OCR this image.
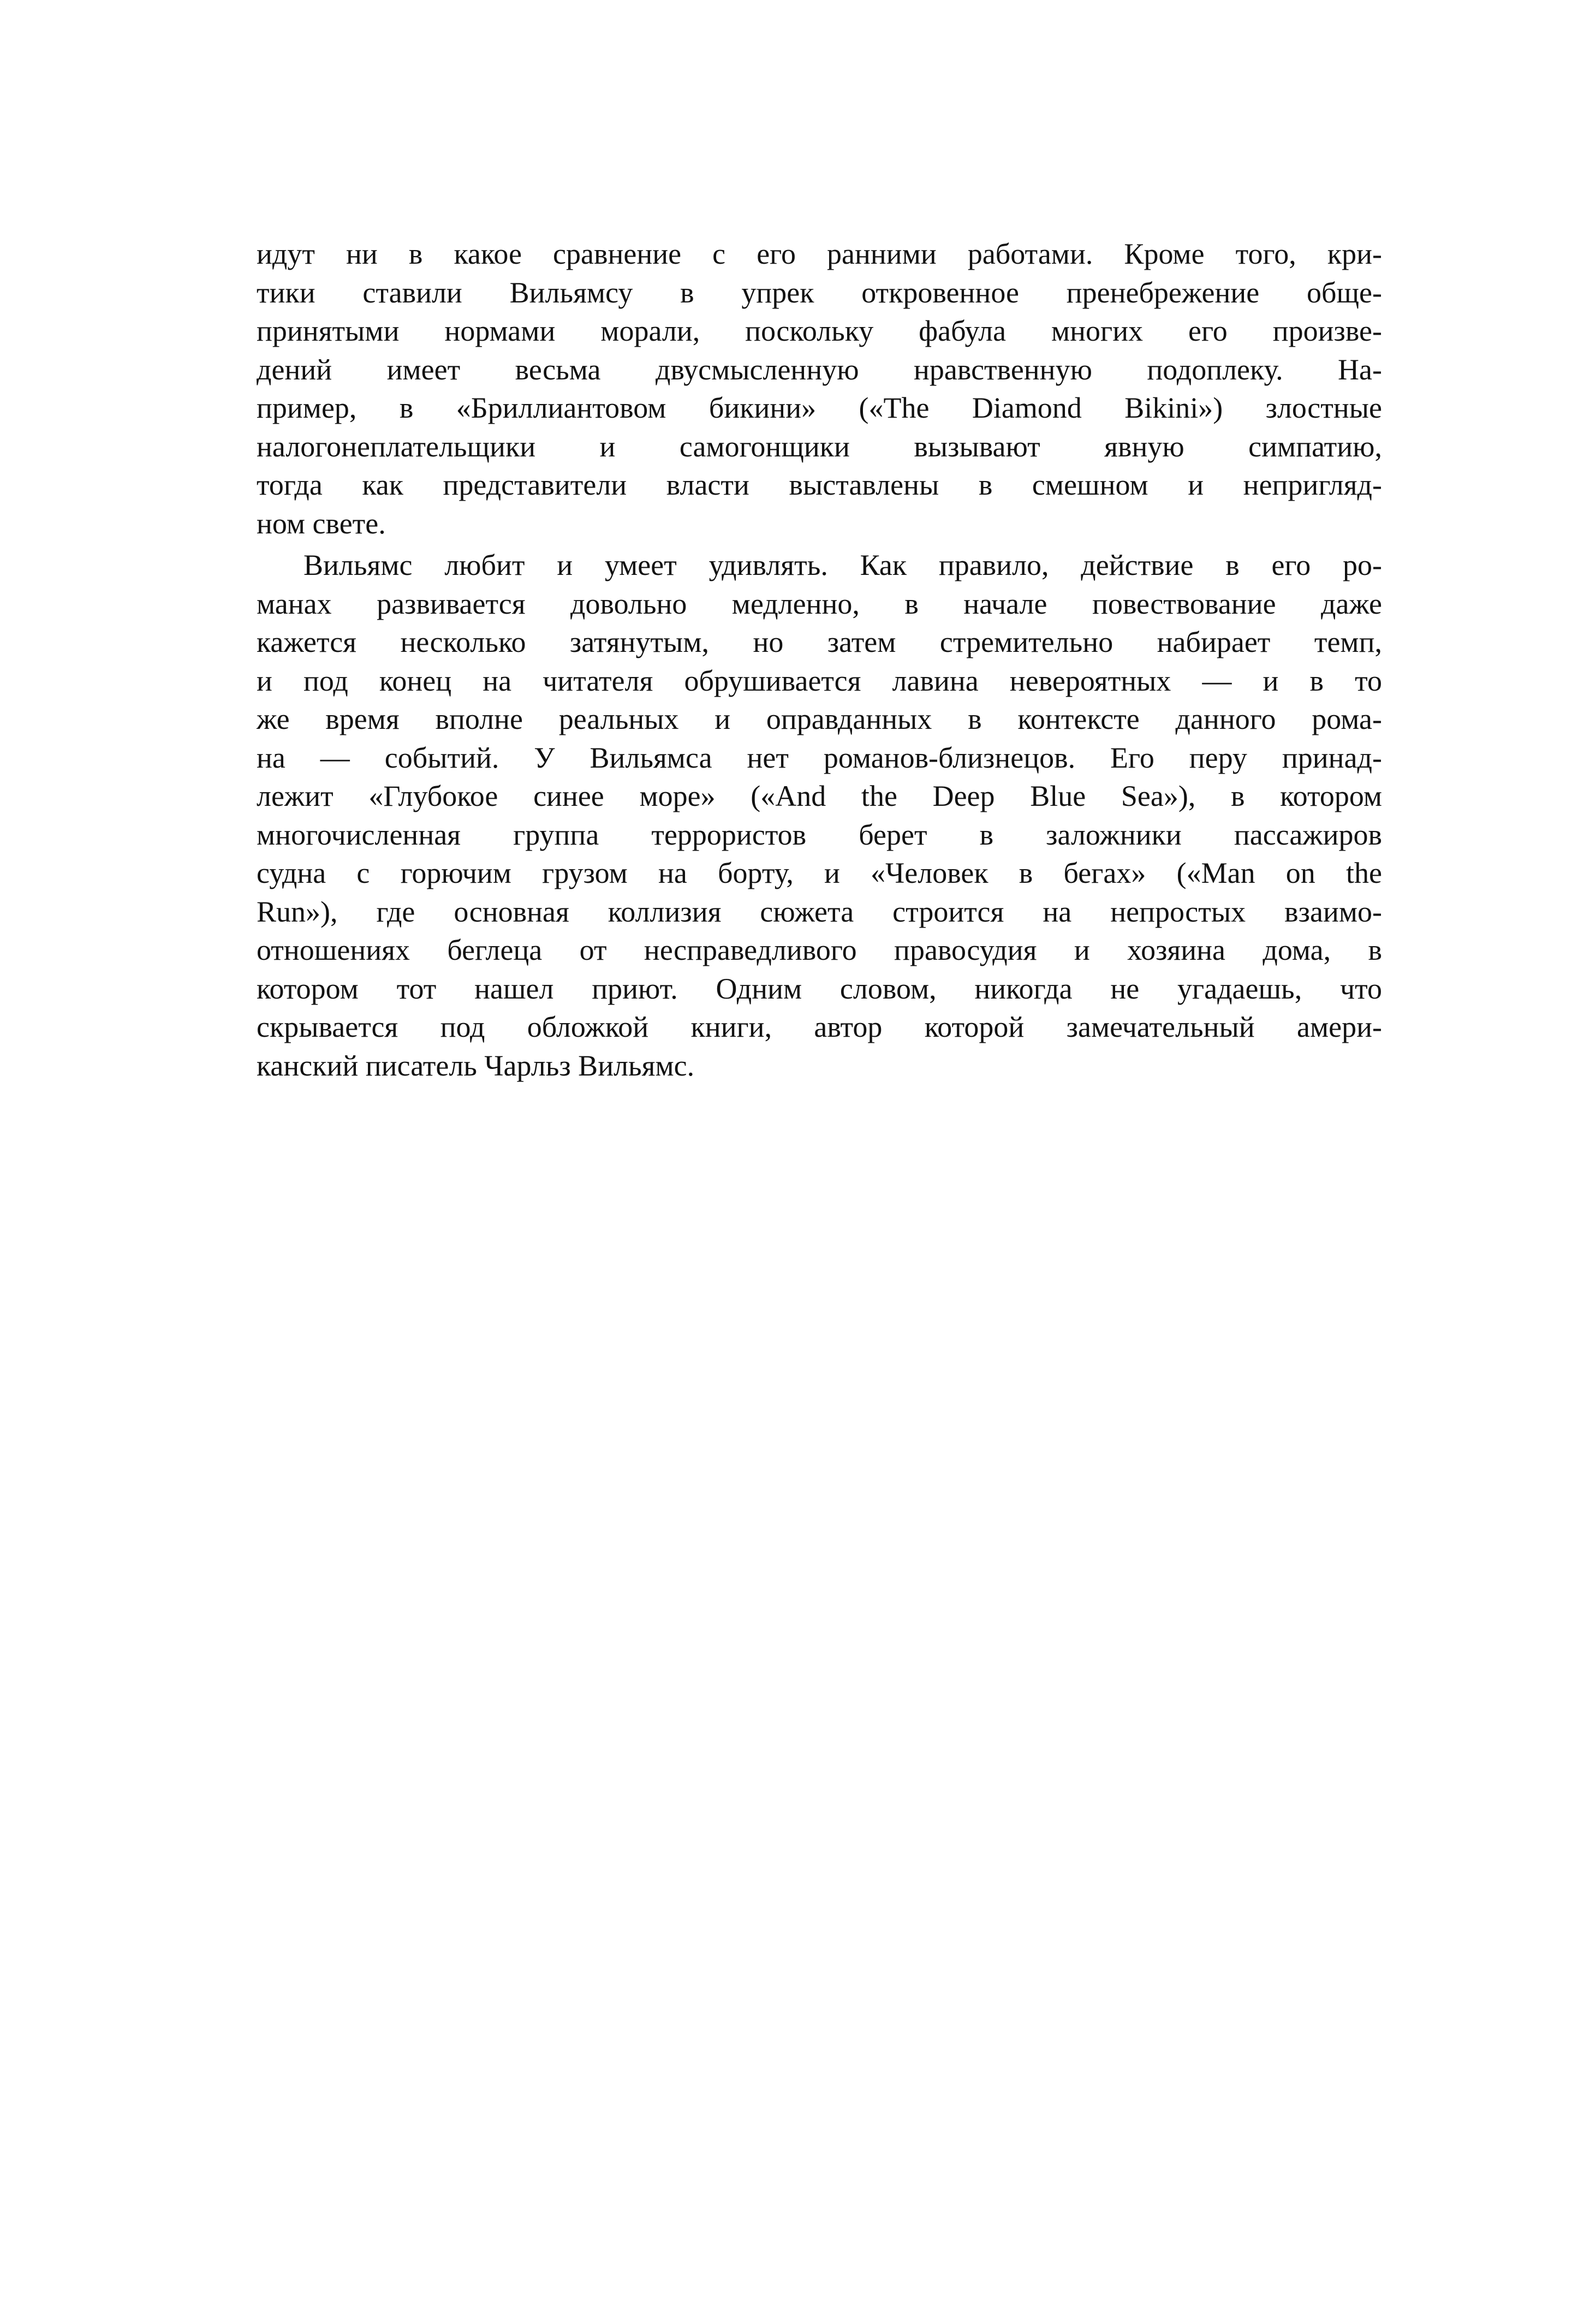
идут ни в какое сравнение с его ранними работами. Кроме того, кри-
тики ставили Вильямсу в упрек откровенное пренебрежение обще-
принятыми нормами морали, поскольку фабула многих его произве-
дений имеет весьма двусмысленную нравственную подоплеку. На-
пример, в «Бриллиантовом бикини» («The Diamond Bikini») злостные
налогонеплательщики и самогонщики вызывают явную симпатию,
тогда как представители власти выставлены в смешном и непригляд-
ном свете.
Вильямс любит и умеет удивлять. Как правило, действие в его ро-
манах развивается довольно медленно, в начале повествование даже
кажется несколько затянутым, но затем стремительно набирает темп,
и под конец на читателя обрушивается лавина невероятных — и в то
же время вполне реальных и оправданных в контексте данного рома-
на — событий. У Вильямса нет романов-близнецов. Его перу принад-
лежит «Глубокое синее море» («And the Deep Blue Sea»), в котором
многочисленная группа террористов берет в заложники пассажиров
судна с горючим грузом на борту, и «Человек в бегах» («Man on the
Run»), где основная коллизия сюжета строится на непростых взаимо-
отношениях беглеца от несправедливого правосудия и хозяина дома, в
котором тот нашел приют. Одним словом, никогда не угадаешь, что
скрывается под обложкой книги, автор которой замечательный амери-
канский писатель Чарльз Вильямс.
